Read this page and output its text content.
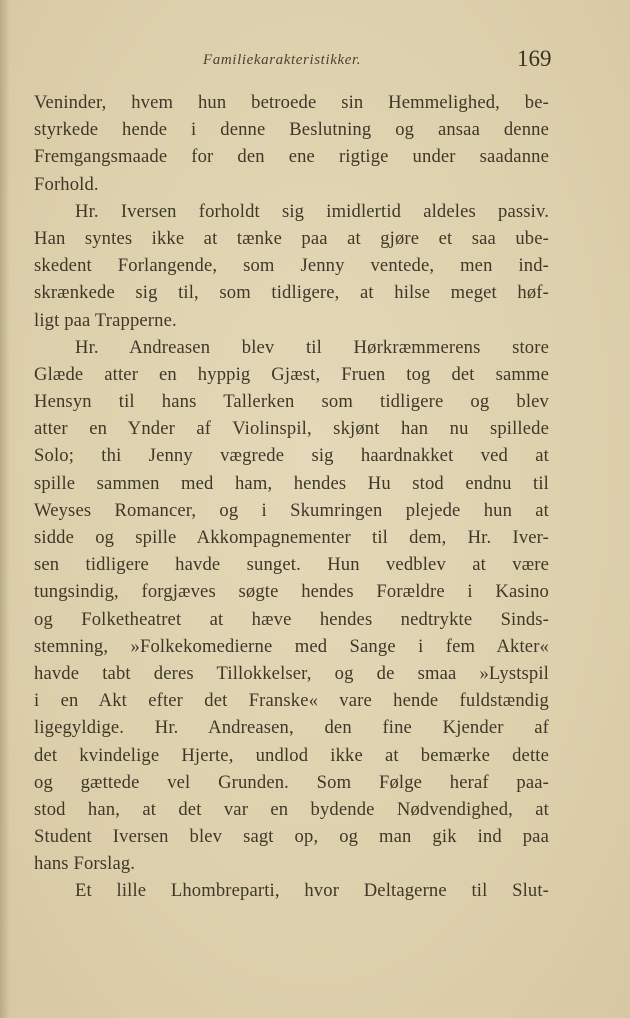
Familiekarakteristikker.	169
Veninder, hvem hun betroede sin Hemmelighed, be-
styrkede hende i denne Beslutning og ansaa denne
Fremgangsmaade for den ene rigtige under saadanne
Forhold.
Hr. Iversen forholdt sig imidlertid aldeles passiv.
Han syntes ikke at tænke paa at gjøre et saa ube-
skedent Forlangende, som Jenny ventede, men ind-
skrænkede sig til, som tidligere, at hilse meget høf-
ligt paa Trapperne.
Hr. Andreasen blev til Hørkræmmerens store
Glæde atter en hyppig Gjæst, Fruen tog det samme
Hensyn til hans Tallerken som tidligere og blev
atter en Ynder af Violinspil, skjønt han nu spillede
Solo; thi Jenny vægrede sig haardnakket ved at
spille sammen med ham, hendes Hu stod endnu til
Weyses Romancer, og i Skumringen plejede hun at
sidde og spille Akkompagnementer til dem, Hr. Iver-
sen tidligere havde sunget. Hun vedblev at være
tungsindig, forgjæves søgte hendes Forældre i Kasino
og Folketheatret at hæve hendes nedtrykte Sinds-
stemning, »Folkekomedierne med Sange i fem Akter«
havde tabt deres Tillokkelser, og de smaa »Lystspil
i en Akt efter det Franske« vare hende fuldstændig
ligegyldige. Hr. Andreasen, den fine Kjender af
det kvindelige Hjerte, undlod ikke at bemærke dette
og gættede vel Grunden. Som Følge heraf paa-
stod han, at det var en bydende Nødvendighed, at
Student Iversen blev sagt op, og man gik ind paa
hans Forslag.
Et lille Lhombreparti, hvor Deltagerne til Slut-
